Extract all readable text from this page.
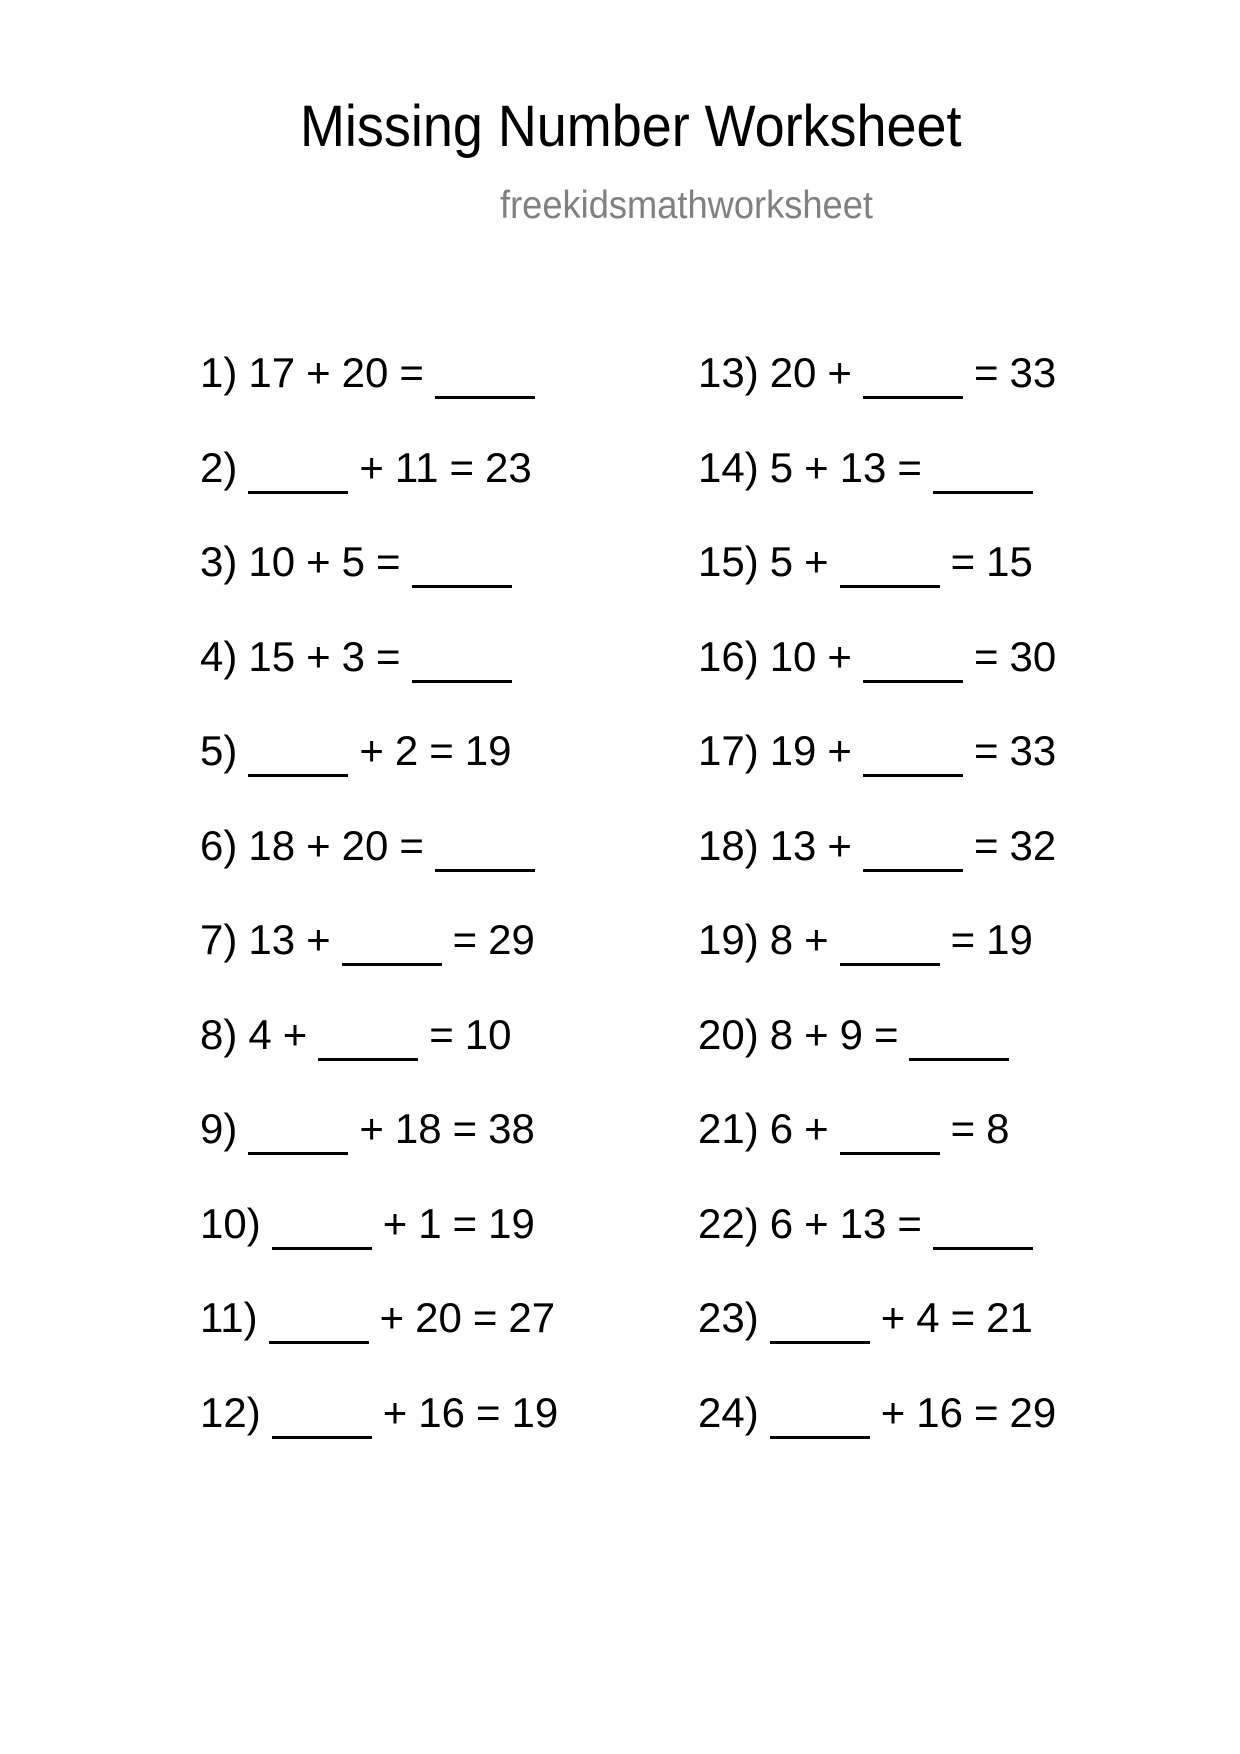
Missing Number Worksheet
freekidsmathworksheet
1) 17 + 20 =
2)	+ 11 = 23
3) 10 + 5 =
4) 15 + 3 =
5)	+ 2 = 19
6) 18 + 20 =
7) 13 +	= 29
8) 4 +	= 10
9)	+ 18 = 38
10)	+ 1 = 19
11)	+ 20 = 27
12)	+ 16 = 19
13) 20 +	= 33
14) 5 + 13 =
15) 5 +	= 15
16) 10 +	= 30
17) 19 +	= 33
18) 13 +	= 32
19) 8 +	= 19
20) 8 + 9 =
21) 6 +	= 8
22) 6 + 13 =
23)	+ 4 = 21
24)	+ 16 = 29
